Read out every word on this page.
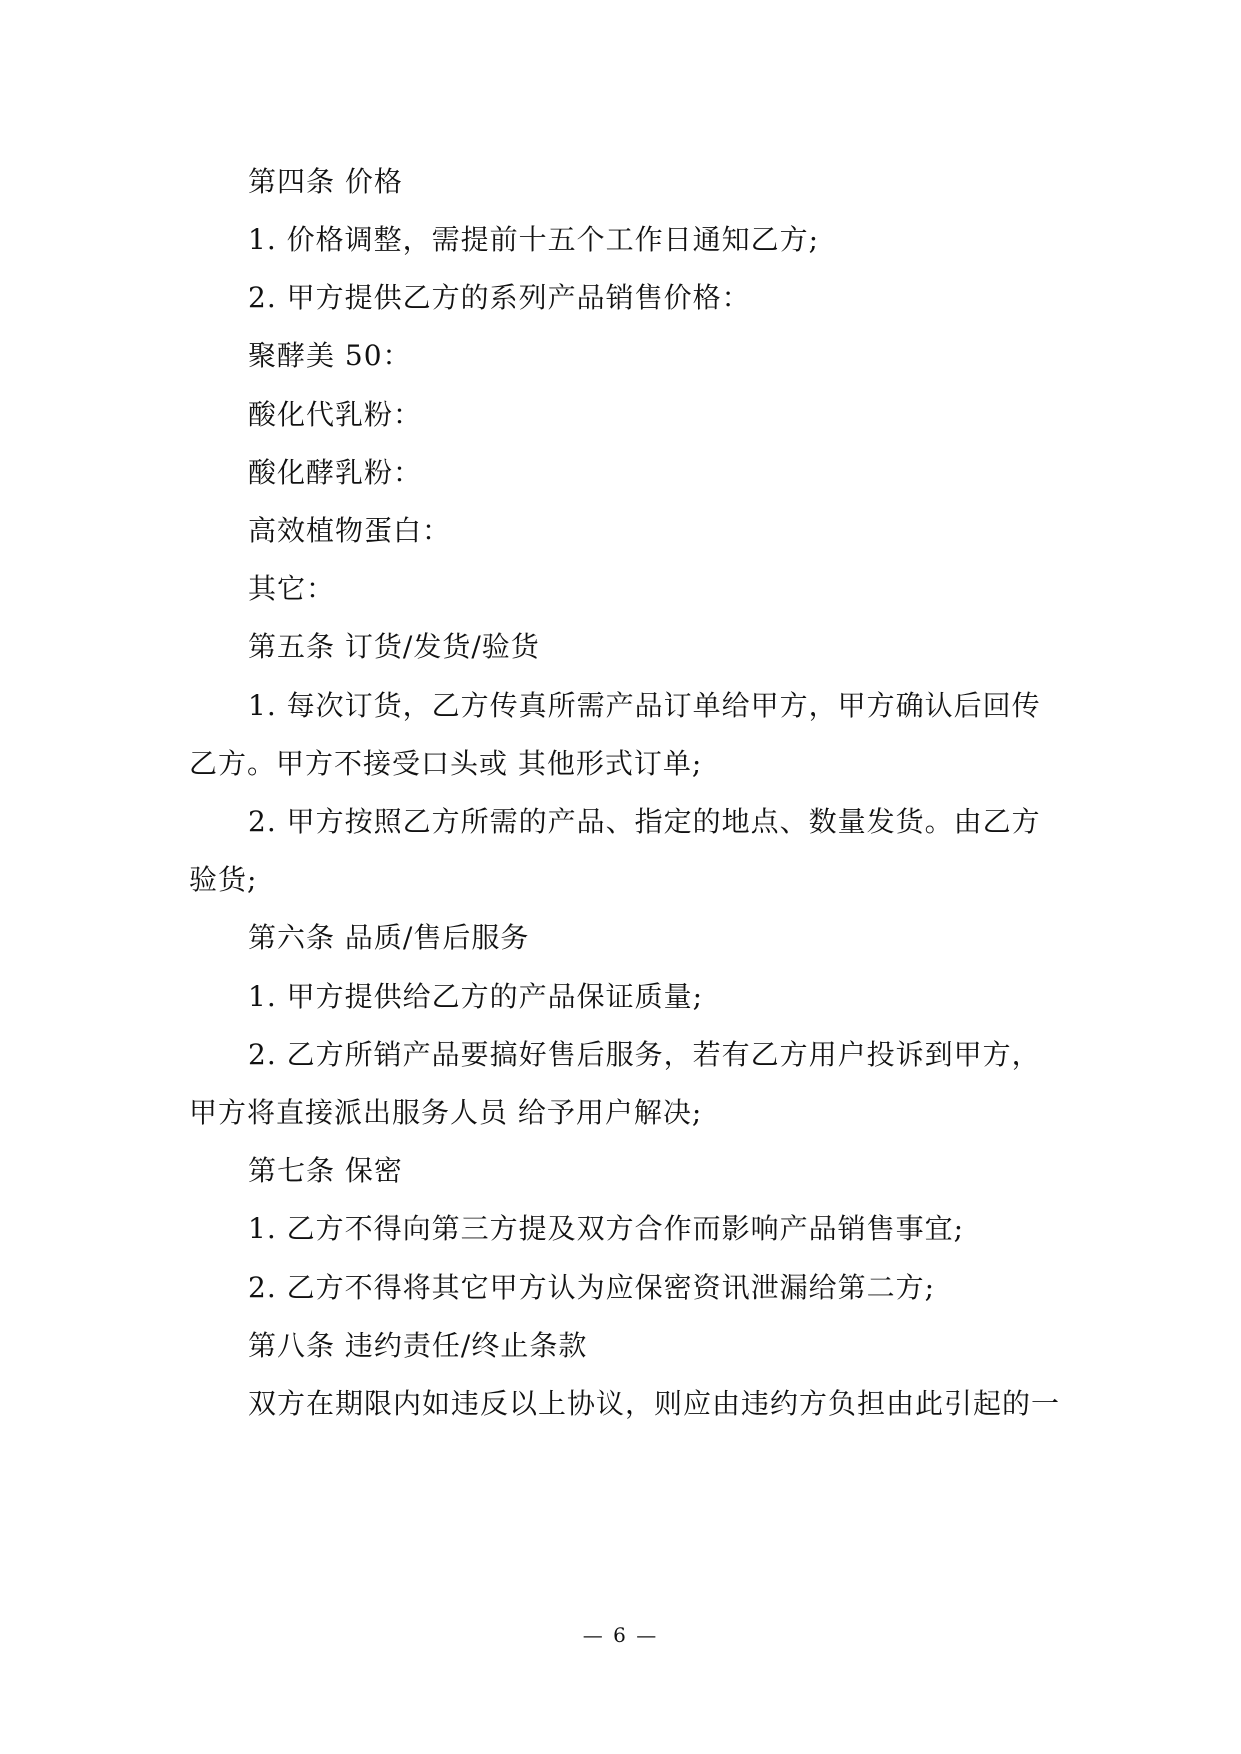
第四条 价格
1. 价格调整，需提前十五个工作日通知乙方;
2. 甲方提供乙方的系列产品销售价格：
聚酵美 50：
酸化代乳粉：
酸化酵乳粉：
高效植物蛋白：
其它：
第五条 订货/发货/验货
1. 每次订货，乙方传真所需产品订单给甲方，甲方确认后回传
乙方。甲方不接受口头或 其他形式订单;
2. 甲方按照乙方所需的产品、指定的地点、数量发货。由乙方
验货;
第六条 品质/售后服务
1. 甲方提供给乙方的产品保证质量;
2. 乙方所销产品要搞好售后服务，若有乙方用户投诉到甲方，
甲方将直接派出服务人员 给予用户解决;
第七条 保密
1. 乙方不得向第三方提及双方合作而影响产品销售事宜;
2. 乙方不得将其它甲方认为应保密资讯泄漏给第二方;
第八条 违约责任/终止条款
双方在期限内如违反以上协议，则应由违约方负担由此引起的一
— 6 —
